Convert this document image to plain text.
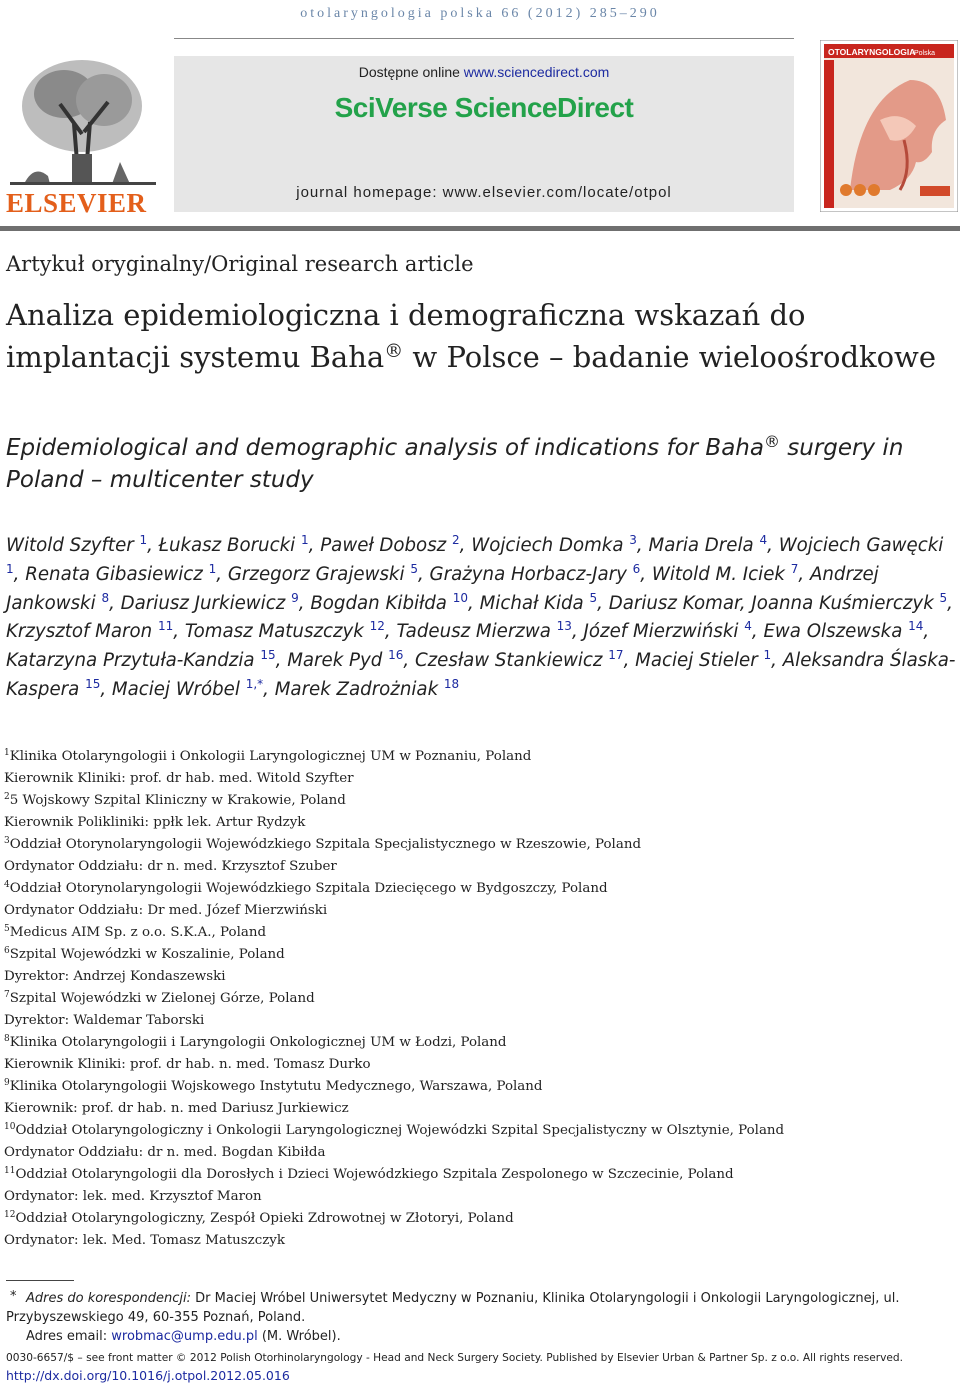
otolaryngologia polska 66 (2012) 285–290
ELSEVIER
Dostępne online www.sciencedirect.com
SciVerse ScienceDirect
journal homepage: www.elsevier.com/locate/otpol
OTOLARYNGOLOGIA
Polska
Artykuł oryginalny/Original research article
Analiza epidemiologiczna i demograficzna wskazań do implantacji systemu Baha® w Polsce – badanie wieloośrodkowe
Epidemiological and demographic analysis of indications for Baha® surgery in Poland – multicenter study
Witold Szyfter $^1$, Łukasz Borucki $^1$, Paweł Dobosz $^2$, Wojciech Domka $^3$, Maria Drela $^4$, Wojciech Gawęcki $^1$, Renata Gibasiewicz $^1$, Grzegorz Grajewski $^5$, Grażyna Horbacz-Jary $^6$, Witold M. Iciek $^7$, Andrzej Jankowski $^8$, Dariusz Jurkiewicz $^9$, Bogdan Kibiłda $^{10}$, Michał Kida $^5$, Dariusz Komar, Joanna Kuśmierczyk $^5$, Krzysztof Maron $^{11}$, Tomasz Matuszczyk $^{12}$, Tadeusz Mierzwa $^{13}$, Józef Mierzwiński $^4$, Ewa Olszewska $^{14}$, Katarzyna Przytuła-Kandzia $^{15}$, Marek Pyd $^{16}$, Czesław Stankiewicz $^{17}$, Maciej Stieler $^1$, Aleksandra Ślaska-Kaspera $^{15}$, Maciej Wróbel $^{1,*}$, Marek Zadrożniak $^{18}$
$^1$Klinika Otolaryngologii i Onkologii Laryngologicznej UM w Poznaniu, Poland
Kierownik Kliniki: prof. dr hab. med. Witold Szyfter
$^2$5 Wojskowy Szpital Kliniczny w Krakowie, Poland
Kierownik Polikliniki: ppłk lek. Artur Rydzyk
$^3$Oddział Otorynolaryngologii Wojewódzkiego Szpitala Specjalistycznego w Rzeszowie, Poland
Ordynator Oddziału: dr n. med. Krzysztof Szuber
$^4$Oddział Otorynolaryngologii Wojewódzkiego Szpitala Dziecięcego w Bydgoszczy, Poland
Ordynator Oddziału: Dr med. Józef Mierzwiński
$^5$Medicus AIM Sp. z o.o. S.K.A., Poland
$^6$Szpital Wojewódzki w Koszalinie, Poland
Dyrektor: Andrzej Kondaszewski
$^7$Szpital Wojewódzki w Zielonej Górze, Poland
Dyrektor: Waldemar Taborski
$^8$Klinika Otolaryngologii i Laryngologii Onkologicznej UM w Łodzi, Poland
Kierownik Kliniki: prof. dr hab. n. med. Tomasz Durko
$^9$Klinika Otolaryngologii Wojskowego Instytutu Medycznego, Warszawa, Poland
Kierownik: prof. dr hab. n. med Dariusz Jurkiewicz
$^{10}$Oddział Otolaryngologiczny i Onkologii Laryngologicznej Wojewódzki Szpital Specjalistyczny w Olsztynie, Poland
Ordynator Oddziału: dr n. med. Bogdan Kibiłda
$^{11}$Oddział Otolaryngologii dla Dorosłych i Dzieci Wojewódzkiego Szpitala Zespolonego w Szczecinie, Poland
Ordynator: lek. med. Krzysztof Maron
$^{12}$Oddział Otolaryngologiczny, Zespół Opieki Zdrowotnej w Złotoryi, Poland
Ordynator: lek. Med. Tomasz Matuszczyk
* Adres do korespondencji: Dr Maciej Wróbel Uniwersytet Medyczny w Poznaniu, Klinika Otolaryngologii i Onkologii Laryngologicznej, ul. Przybyszewskiego 49, 60-355 Poznań, Poland.
Adres email: wrobmac@ump.edu.pl (M. Wróbel).
0030-6657/$ – see front matter © 2012 Polish Otorhinolaryngology - Head and Neck Surgery Society. Published by Elsevier Urban & Partner Sp. z o.o. All rights reserved.
http://dx.doi.org/10.1016/j.otpol.2012.05.016
